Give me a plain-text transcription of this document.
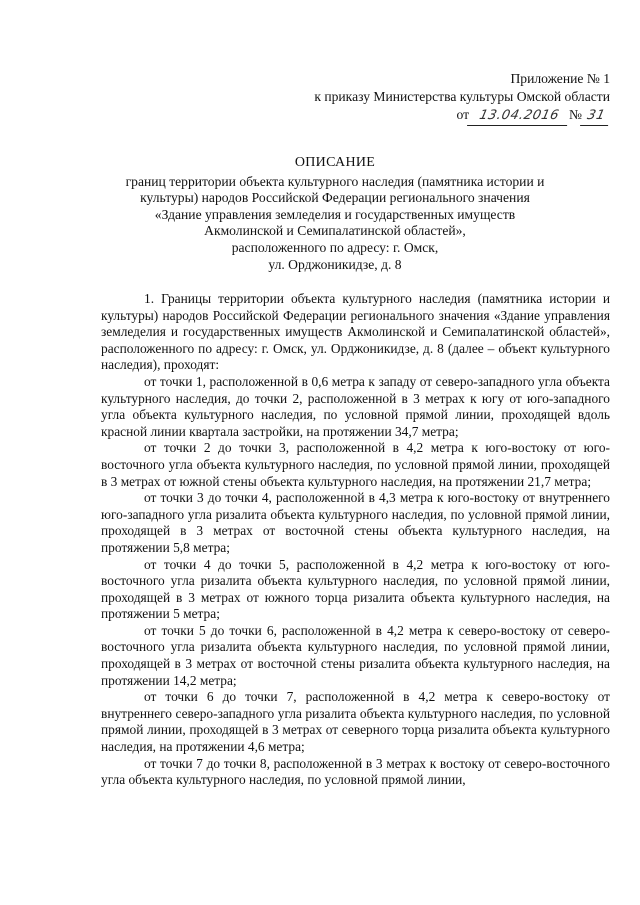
Приложение № 1
к приказу Министерства культуры Омской области
от 13.04.2016 № 31
ОПИСАНИЕ
границ территории объекта культурного наследия (памятника истории и
культуры) народов Российской Федерации регионального значения
«Здание управления земледелия и государственных имуществ
Акмолинской и Семипалатинской областей»,
расположенного по адресу: г. Омск,
ул. Орджоникидзе, д. 8

1. Границы территории объекта культурного наследия (памятника истории и культуры) народов Российской Федерации регионального значения «Здание управления земледелия и государственных имуществ Акмолинской и Семипалатинской областей», расположенного по адресу: г. Омск, ул. Орджоникидзе, д. 8 (далее – объект культурного наследия), проходят:

от точки 1, расположенной в 0,6 метра к западу от северо-западного угла объекта культурного наследия, до точки 2, расположенной в 3 метрах к югу от юго-западного угла объекта культурного наследия, по условной прямой линии, проходящей вдоль красной линии квартала застройки, на протяжении 34,7 метра;

от точки 2 до точки 3, расположенной в 4,2 метра к юго-востоку от юго-восточного угла объекта культурного наследия, по условной прямой линии, проходящей в 3 метрах от южной стены объекта культурного наследия, на протяжении 21,7 метра;

от точки 3 до точки 4, расположенной в 4,3 метра к юго-востоку от внутреннего юго-западного угла ризалита объекта культурного наследия, по условной прямой линии, проходящей в 3 метрах от восточной стены объекта культурного наследия, на протяжении 5,8 метра;

от точки 4 до точки 5, расположенной в 4,2 метра к юго-востоку от юго-восточного угла ризалита объекта культурного наследия, по условной прямой линии, проходящей в 3 метрах от южного торца ризалита объекта культурного наследия, на протяжении 5 метра;

от точки 5 до точки 6, расположенной в 4,2 метра к северо-востоку от северо-восточного угла ризалита объекта культурного наследия, по условной прямой линии, проходящей в 3 метрах от восточной стены ризалита объекта культурного наследия, на протяжении 14,2 метра;

от точки 6 до точки 7, расположенной в 4,2 метра к северо-востоку от внутреннего северо-западного угла ризалита объекта культурного наследия, по условной прямой линии, проходящей в 3 метрах от северного торца ризалита объекта культурного наследия, на протяжении 4,6 метра;

от точки 7 до точки 8, расположенной в 3 метрах к востоку от северо-восточного угла объекта культурного наследия, по условной прямой линии,
